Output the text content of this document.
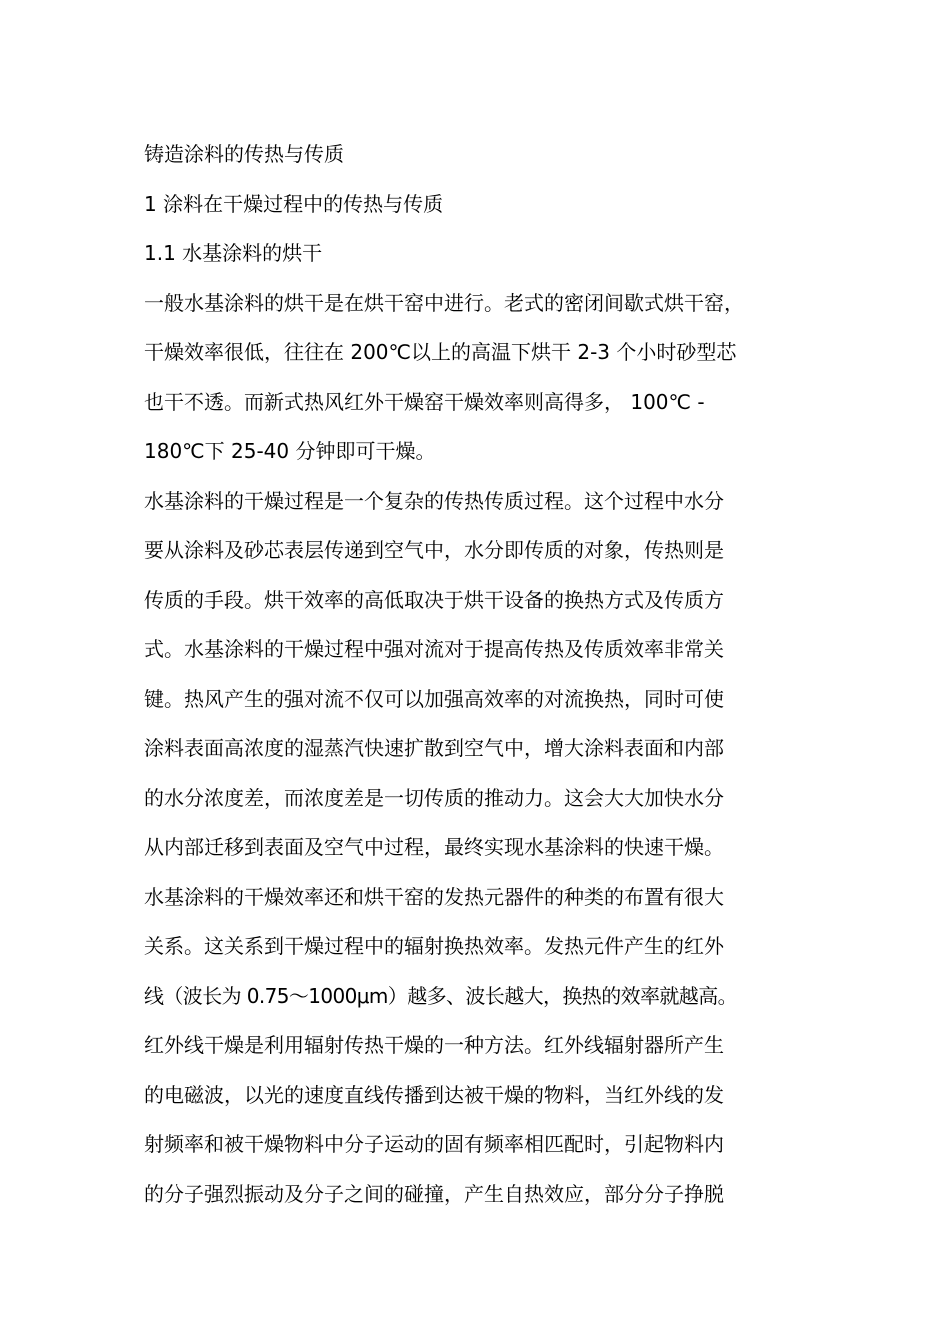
铸造涂料的传热与传质
1 涂料在干燥过程中的传热与传质
1.1 水基涂料的烘干
一般水基涂料的烘干是在烘干窑中进行。老式的密闭间歇式烘干窑，
干燥效率很低，往往在 200℃以上的高温下烘干 2-3 个小时砂型芯
也干不透。而新式热风红外干燥窑干燥效率则高得多， 100℃ -
180℃下 25-40 分钟即可干燥。
水基涂料的干燥过程是一个复杂的传热传质过程。这个过程中水分
要从涂料及砂芯表层传递到空气中，水分即传质的对象，传热则是
传质的手段。烘干效率的高低取决于烘干设备的换热方式及传质方
式。水基涂料的干燥过程中强对流对于提高传热及传质效率非常关
键。热风产生的强对流不仅可以加强高效率的对流换热，同时可使
涂料表面高浓度的湿蒸汽快速扩散到空气中，增大涂料表面和内部
的水分浓度差，而浓度差是一切传质的推动力。这会大大加快水分
从内部迁移到表面及空气中过程，最终实现水基涂料的快速干燥。
水基涂料的干燥效率还和烘干窑的发热元器件的种类的布置有很大
关系。这关系到干燥过程中的辐射换热效率。发热元件产生的红外
线（波长为 0.75～1000μm）越多、波长越大，换热的效率就越高。
红外线干燥是利用辐射传热干燥的一种方法。红外线辐射器所产生
的电磁波，以光的速度直线传播到达被干燥的物料，当红外线的发
射频率和被干燥物料中分子运动的固有频率相匹配时，引起物料内
的分子强烈振动及分子之间的碰撞，产生自热效应，部分分子挣脱
